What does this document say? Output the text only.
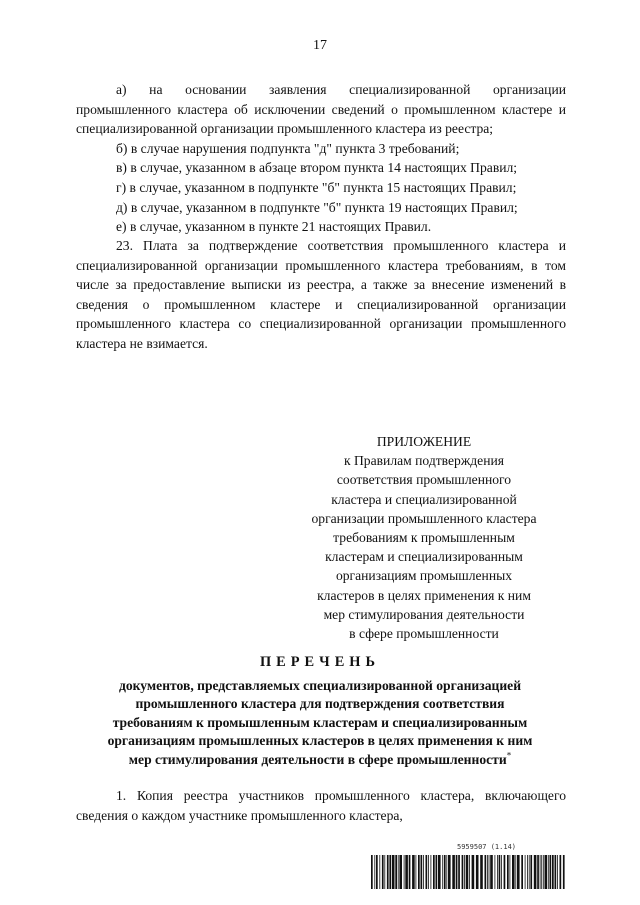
17

а) на основании заявления специализированной организации промышленного кластера об исключении сведений о промышленном кластере и специализированной организации промышленного кластера из реестра;

б) в случае нарушения подпункта "д" пункта 3 требований;

в) в случае, указанном в абзаце втором пункта 14 настоящих Правил;

г) в случае, указанном в подпункте "б" пункта 15 настоящих Правил;

д) в случае, указанном в подпункте "б" пункта 19 настоящих Правил;

е) в случае, указанном в пункте 21 настоящих Правил.

23. Плата за подтверждение соответствия промышленного кластера и специализированной организации промышленного кластера требованиям, в том числе за предоставление выписки из реестра, а также за внесение изменений в сведения о промышленном кластере и специализированной организации промышленного кластера со специализированной организации промышленного кластера не взимается.

ПРИЛОЖЕНИЕ

к Правилам подтверждения
соответствия промышленного
кластера и специализированной
организации промышленного кластера
требованиям к промышленным
кластерам и специализированным
организациям промышленных
кластеров в целях применения к ним
мер стимулирования деятельности
в сфере промышленности
ПЕРЕЧЕНЬ
документов, представляемых специализированной организацией
промышленного кластера для подтверждения соответствия
требованиям к промышленным кластерам и специализированным
организациям промышленных кластеров в целях применения к ним
мер стимулирования деятельности в сфере промышленности*

1. Копия реестра участников промышленного кластера, включающего сведения о каждом участнике промышленного кластера,

5959507 (1.14)
